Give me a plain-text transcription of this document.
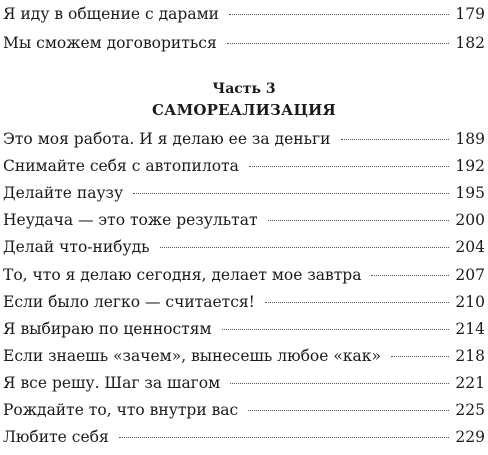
Я иду в общение с дарами	179
Мы сможем договориться	182
Часть 3
САМОРЕАЛИЗАЦИЯ
Это моя работа. И я делаю ее за деньги	189
Снимайте себя с автопилота	192
Делайте паузу	195
Неудача — это тоже результат	200
Делай что-нибудь	204
То, что я делаю сегодня, делает мое завтра	207
Если было легко — считается!	210
Я выбираю по ценностям	214
Если знаешь «зачем», вынесешь любое «как»	218
Я все решу. Шаг за шагом	221
Рождайте то, что внутри вас	225
Любите себя	229
